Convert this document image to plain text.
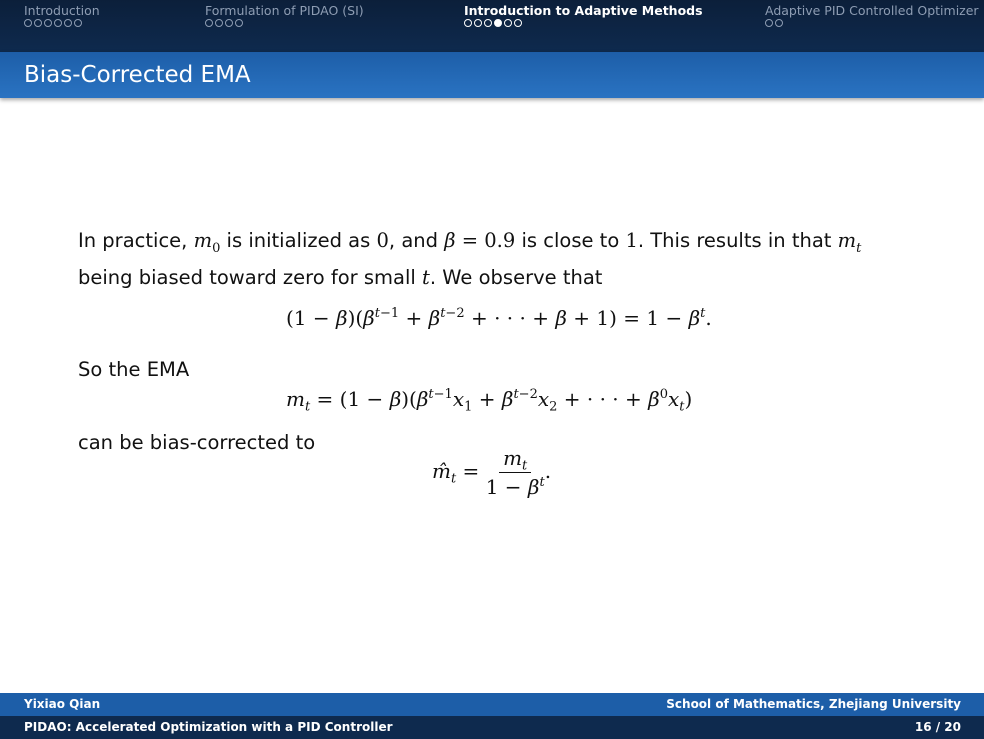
Introduction	Formulation of PIDAO (SI)	Introduction to Adaptive Methods	Adaptive PID Controlled Optimizer
Bias-Corrected EMA

In practice, $m_0$ is initialized as 0, and β = 0.9 is close to 1. This results in that $m_t$

being biased toward zero for small t. We observe that

$(1 - \beta)(\beta^{t-1} + \beta^{t-2}$ + · · · + $\beta + 1) = 1 - \beta^t$.
So the EMA
$m_t = (1 - \beta)(\beta^{t-1}x_1 + \beta^{t-2}x_2$ + · · · + $\beta^0x_t$)
can be bias-corrected to
$m̂_t = \frac{m_t}{1 - \beta^t}$ .
Yixiao Qian	School of Mathematics, Zhejiang University
PIDAO: Accelerated Optimization with a PID Controller	16 / 20
